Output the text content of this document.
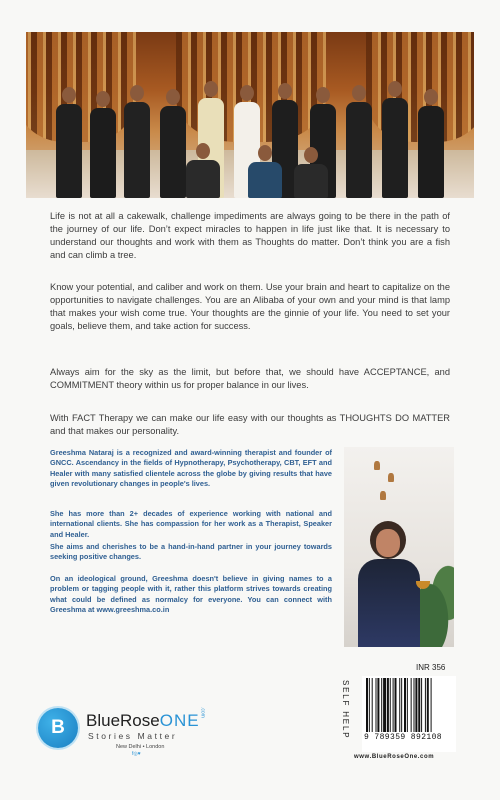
Life is not at all a cakewalk, challenge impediments are always going to be there in the path of the journey of our life. Don’t expect miracles to happen in life just like that. It is necessary to understand our thoughts and work with them as Thoughts do matter. Don’t think you are a fish and can climb a tree.

Know your potential, and caliber and work on them. Use your brain and heart to capitalize on the opportunities to navigate challenges. You are an Alibaba of your own and your mind is that lamp that makes your wish come true. Your thoughts are the ginnie of your life. You need to set your goals, believe them, and take action for success.

Always aim for the sky as the limit, but before that, we should have ACCEPTANCE, and COMMITMENT theory within us for proper balance in our lives.

With FACT Therapy we can make our life easy with our thoughts as THOUGHTS DO MATTER and that makes our personality.

Greeshma Nataraj is a recognized and award-winning therapist and founder of GNCC. Ascendancy in the fields of Hypnotherapy, Psychotherapy, CBT, EFT and Healer with many satisfied clientele across the globe by giving results that have given revolutionary changes in people's lives.

She has more than 2+ decades of experience working with national and international clients. She has compassion for her work as a Therapist, Speaker and Healer.

She aims and cherishes to be a hand-in-hand partner in your journey towards seeking positive changes.

On an ideological ground, Greeshma doesn't believe in giving names to a problem or tagging people with it, rather this platform strives towards creating what could be defined as normalcy for everyone. You can connect with Greeshma at www.greeshma.co.in

B	BlueRoseONE.com
Stories Matter
New Delhi • London
f◎♥
SELF HELP
INR 356
9 789359 892108
www.BlueRoseOne.com
